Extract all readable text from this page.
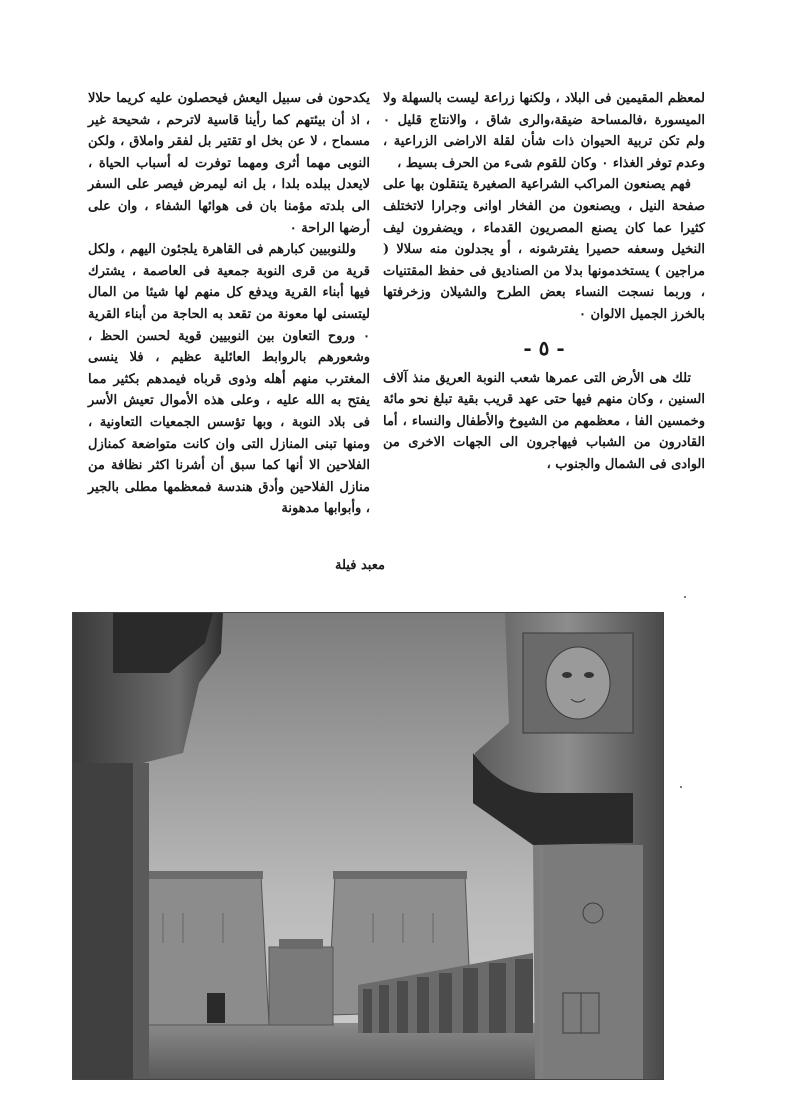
لمعظم المقيمين فى البلاد ، ولكنها زراعة ليست بالسهلة ولا الميسورة ،فالمساحة ضيقة،والرى شاق ، والانتاج قليل ٠ ولم تكن تربية الحيوان ذات شأن لقلة الاراضى الزراعية ، وعدم توفر الغذاء ٠ وكان للقوم شىء من الحرف بسيط ،

فهم يصنعون المراكب الشراعية الصغيرة يتنقلون بها على صفحة النيل ، ويصنعون من الفخار اوانى وجرارا لاتختلف كثيرا عما كان يصنع المصريون القدماء ، ويضفرون ليف النخيل وسعفه حصيرا يفترشونه ، أو يجدلون منه سلالا ( مراجين ) يستخدمونها بدلا من الصناديق فى حفظ المقتنيات ، وربما نسجت النساء بعض الطرح والشيلان وزخرفتها بالخرز الجميل الالوان ٠

- ٥ -

تلك هى الأرض التى عمرها شعب النوبة العريق منذ آلاف السنين ، وكان منهم فيها حتى عهد قريب بقية تبلغ نحو مائة وخمسين الفا ، معظمهم من الشيوخ والأطفال والنساء ، أما القادرون من الشباب فيهاجرون الى الجهات الاخرى من الوادى فى الشمال والجنوب ،

يكدحون فى سبيل اليعش فيحصلون عليه كريما حلالا ، اذ أن بيئتهم كما رأينا قاسية لاترحم ، شحيحة غير مسماح ، لا عن بخل او تقتير بل لفقر واملاق ، ولكن النوبى مهما أثرى ومهما توفرت له أسباب الحياة ، لايعدل ببلده بلدا ، بل انه ليمرض فيصر على السفر الى بلدته مؤمنا بان فى هوائها الشفاء ، وان على أرضها الراحة ٠

وللنوبيين كبارهم فى القاهرة يلجئون اليهم ، ولكل قرية من قرى النوبة جمعية فى العاصمة ، يشترك فيها أبناء القرية ويدفع كل منهم لها شيئا من المال ليتسنى لها معونة من تقعد به الحاجة من أبناء القرية ٠ وروح التعاون بين النوبيين قوية لحسن الحظ ، وشعورهم بالروابط العائلية عظيم ، فلا ينسى المغترب منهم أهله وذوى قرباه فيمدهم بكثير مما يفتح به الله عليه ، وعلى هذه الأموال تعيش الأسر فى بلاد النوبة ، وبها تؤسس الجمعيات التعاونية ، ومنها تبنى المنازل التى وان كانت متواضعة كمنازل الفلاحين الا أنها كما سبق أن أشرنا اكثر نظافة من منازل الفلاحين وأدق هندسة فمعظمها مطلى بالجير ، وأبوابها مدهونة

معبد فيلة
